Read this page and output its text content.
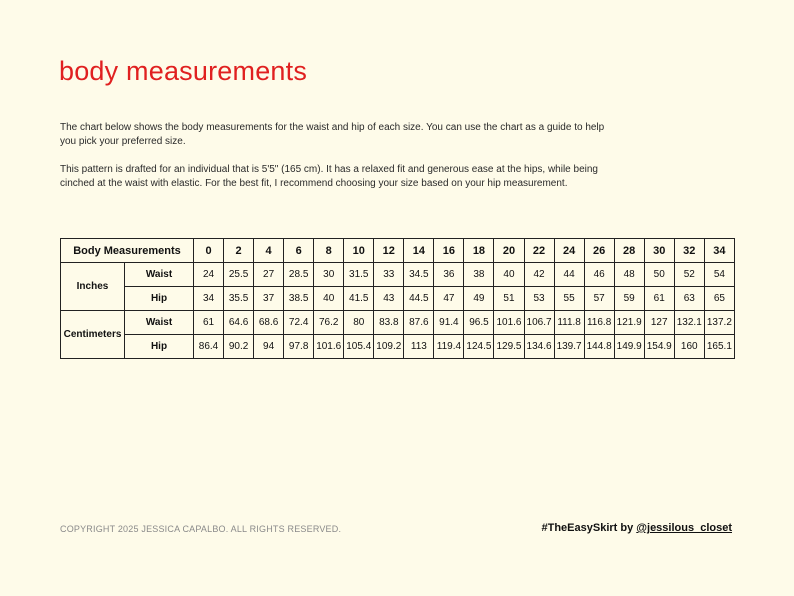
body measurements

The chart below shows the body measurements for the waist and hip of each size. You can use the chart as a guide to help you pick your preferred size.

This pattern is drafted for an individual that is 5'5" (165 cm). It has a relaxed fit and generous ease at the hips, while being cinched at the waist with elastic. For the best fit, I recommend choosing your size based on your hip measurement.

Body Measurements		0	2	4	6	8	10	12	14	16	18	20	22	24	26	28	30	32	34
Inches	Waist	24	25.5	27	28.5	30	31.5	33	34.5	36	38	40	42	44	46	48	50	52	54
	Hip	34	35.5	37	38.5	40	41.5	43	44.5	47	49	51	53	55	57	59	61	63	65
Centimeters	Waist	61	64.6	68.6	72.4	76.2	80	83.8	87.6	91.4	96.5	101.6	106.7	111.8	116.8	121.9	127	132.1	137.2
	Hip	86.4	90.2	94	97.8	101.6	105.4	109.2	113	119.4	124.5	129.5	134.6	139.7	144.8	149.9	154.9	160	165.1
COPYRIGHT 2025 JESSICA CAPALBO. ALL RIGHTS RESERVED.	#TheEasySkirt by @jessilous_closet
